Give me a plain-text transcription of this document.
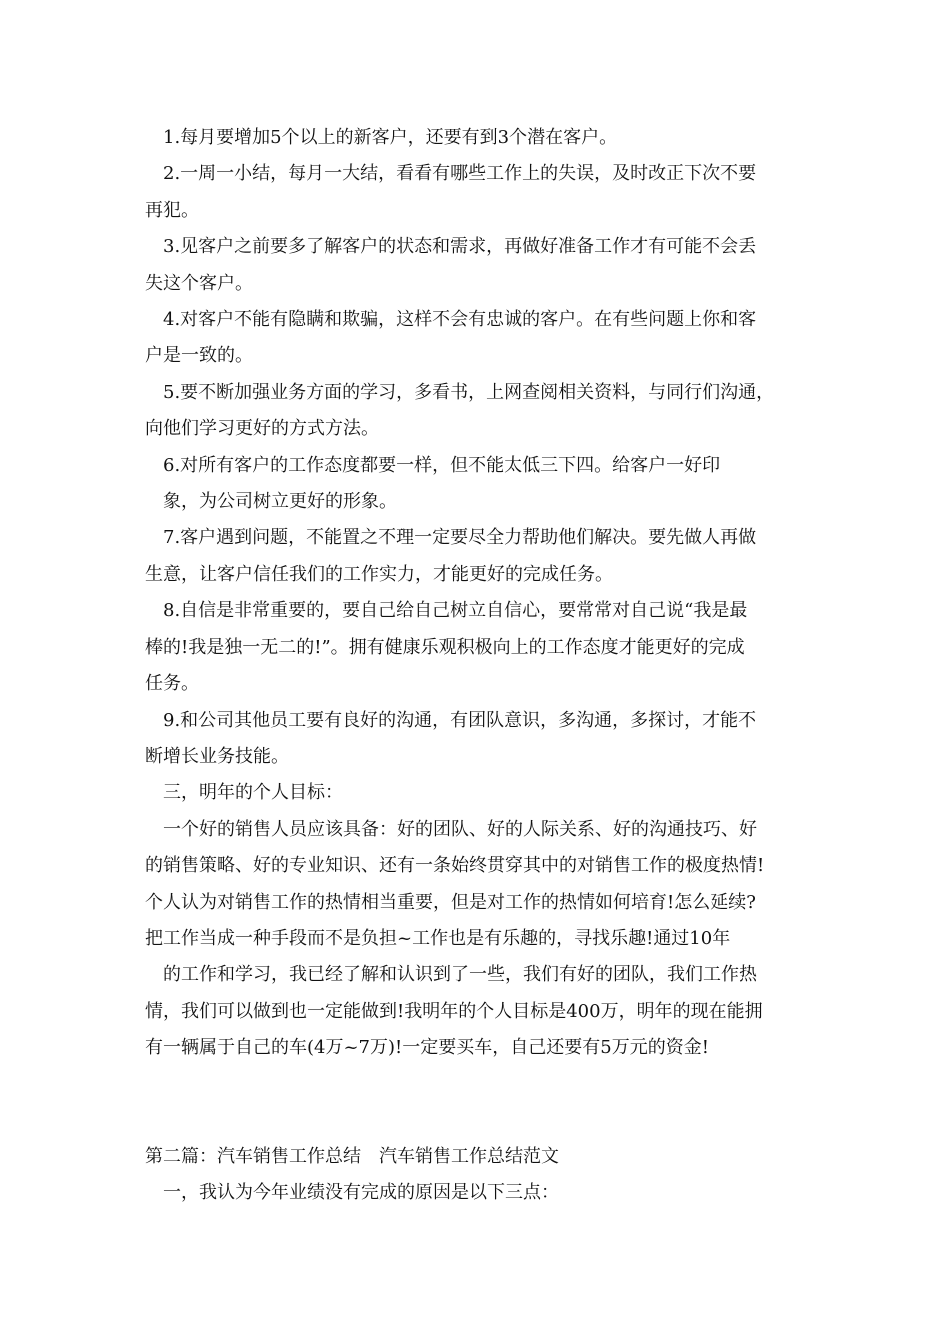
1.每月要增加5个以上的新客户，还要有到3个潜在客户。

2.一周一小结，每月一大结，看看有哪些工作上的失误，及时改正下次不要

再犯。

3.见客户之前要多了解客户的状态和需求，再做好准备工作才有可能不会丢

失这个客户。

4.对客户不能有隐瞒和欺骗，这样不会有忠诚的客户。在有些问题上你和客

户是一致的。

5.要不断加强业务方面的学习，多看书，上网查阅相关资料，与同行们沟通，

向他们学习更好的方式方法。

6.对所有客户的工作态度都要一样，但不能太低三下四。给客户一好印

象，为公司树立更好的形象。

7.客户遇到问题，不能置之不理一定要尽全力帮助他们解决。要先做人再做

生意，让客户信任我们的工作实力，才能更好的完成任务。

8.自信是非常重要的，要自己给自己树立自信心，要常常对自己说“我是最

棒的!我是独一无二的!”。拥有健康乐观积极向上的工作态度才能更好的完成

任务。

9.和公司其他员工要有良好的沟通，有团队意识，多沟通，多探讨，才能不

断增长业务技能。

三，明年的个人目标：

一个好的销售人员应该具备：好的团队、好的人际关系、好的沟通技巧、好

的销售策略、好的专业知识、还有一条始终贯穿其中的对销售工作的极度热情!

个人认为对销售工作的热情相当重要，但是对工作的热情如何培育!怎么延续?

把工作当成一种手段而不是负担~工作也是有乐趣的，寻找乐趣!通过10年

的工作和学习，我已经了解和认识到了一些，我们有好的团队，我们工作热

情，我们可以做到也一定能做到!我明年的个人目标是400万，明年的现在能拥

有一辆属于自己的车(4万~7万)!一定要买车，自己还要有5万元的资金!

第二篇：汽车销售工作总结　汽车销售工作总结范文

一，我认为今年业绩没有完成的原因是以下三点：
